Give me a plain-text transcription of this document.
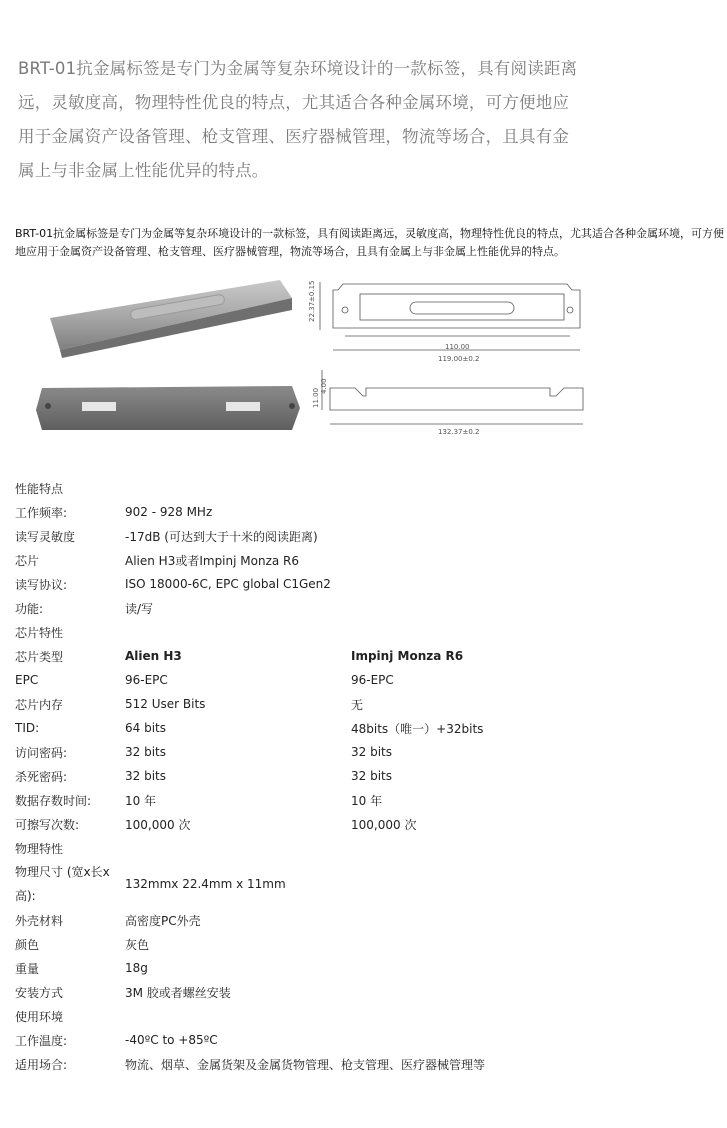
BRT-01抗金属标签是专门为金属等复杂环境设计的一款标签，具有阅读距离远，灵敏度高，物理特性优良的特点，尤其适合各种金属环境，可方便地应用于金属资产设备管理、枪支管理、医疗器械管理，物流等场合，且具有金属上与非金属上性能优异的特点。
BRT-01抗金属标签是专门为金属等复杂环境设计的一款标签，具有阅读距离远，灵敏度高，物理特性优良的特点，尤其适合各种金属环境，可方便地应用于金属资产设备管理、枪支管理、医疗器械管理，物流等场合，且具有金属上与非金属上性能优异的特点。
22.37±0.15
110.00
119.00±0.2
4.00
11.00
132.37±0.2
性能特点		
工作频率:	902 - 928 MHz	
读写灵敏度	-17dB (可达到大于十米的阅读距离)	
芯片	Alien H3或者Impinj Monza R6	
读写协议:	ISO 18000-6C, EPC global C1Gen2	
功能:	读/写	
芯片特性		
芯片类型	Alien H3	Impinj Monza R6
EPC	96-EPC	96-EPC
芯片内存	512 User Bits	无
TID:	64 bits	48bits（唯一）+32bits
访问密码:	32 bits	32 bits
杀死密码:	32 bits	32 bits
数据存数时间:	10 年	10 年
可擦写次数:	100,000 次	100,000 次
物理特性		

物理尺寸 (宽x长x高):	132mmx 22.4mm x 11mm	
外壳材料	高密度PC外壳	
颜色	灰色	
重量	18g	
安装方式	3M 胶或者螺丝安装	
使用环境		
工作温度:	-40ºC to +85ºC	
适用场合:	物流、烟草、金属货架及金属货物管理、枪支管理、医疗器械管理等	
